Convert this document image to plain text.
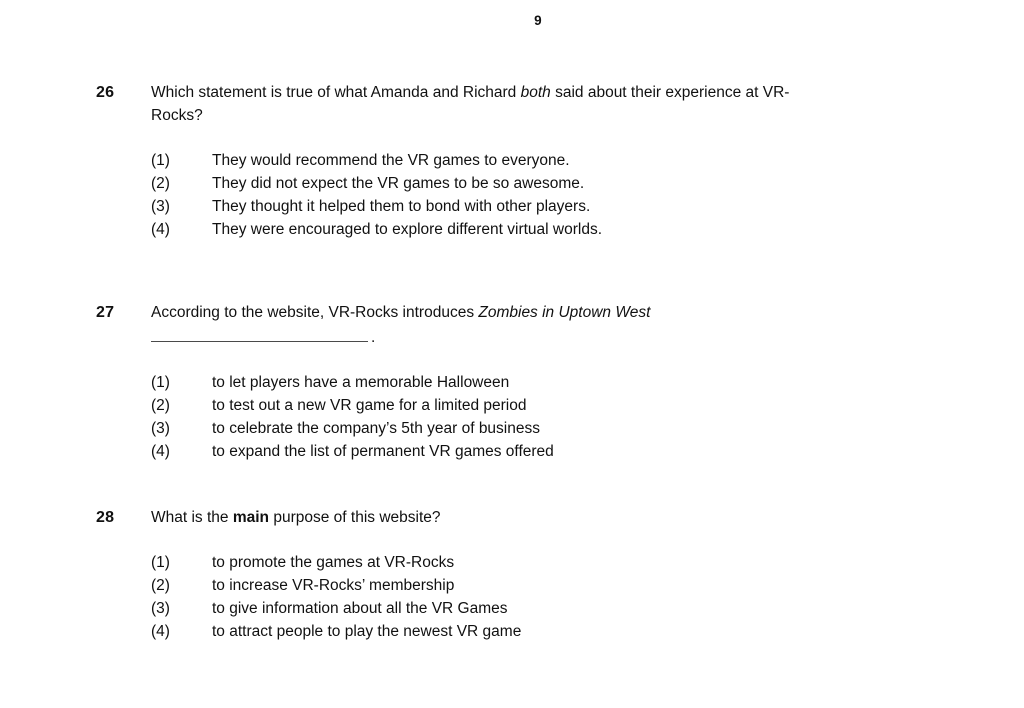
9
26	Which statement is true of what Amanda and Richard both said about their experience at VR-Rocks?

(1)	They would recommend the VR games to everyone.
(2)	They did not expect the VR games to be so awesome.
(3)	They thought it helped them to bond with other players.
(4)	They were encouraged to explore different virtual worlds.
27	According to the website, VR-Rocks introduces Zombies in Uptown West .

(1)	to let players have a memorable Halloween
(2)	to test out a new VR game for a limited period
(3)	to celebrate the company’s 5th year of business
(4)	to expand the list of permanent VR games offered
28	What is the main purpose of this website?

(1)	to promote the games at VR-Rocks
(2)	to increase VR-Rocks’ membership
(3)	to give information about all the VR Games
(4)	to attract people to play the newest VR game
